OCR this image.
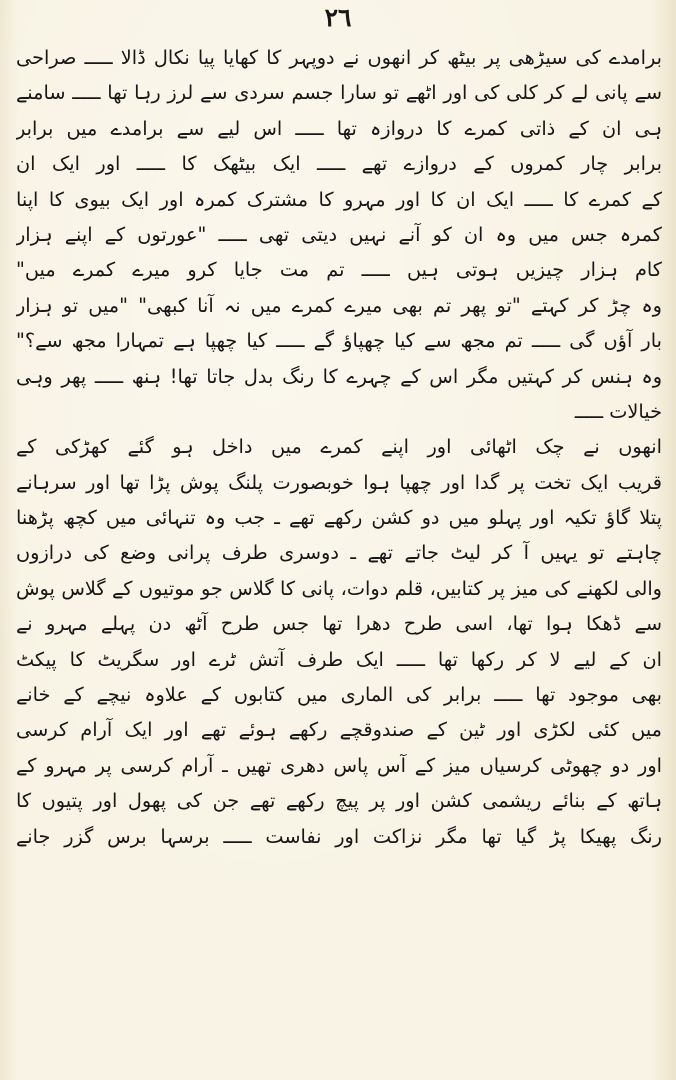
٢٦
برامدے کی سیڑھی پر بیٹھ کر انھوں نے دوپہر کا کھایا پیا نکال ڈالا ـــــ صراحی
سے پانی لے کر کلی کی اور اٹھے تو سارا جسم سردی سے لرز رہا تھا ـــــ سامنے
ہی ان کے ذاتی کمرے کا دروازہ تھا ـــــ اس لیے سے برامدے میں برابر
برابر چار کمروں کے دروازے تھے ـــــ ایک بیٹھک کا ـــــ اور ایک ان
کے کمرے کا ـــــ ایک ان کا اور مہرو کا مشترک کمرہ اور ایک بیوی کا اپنا
کمرہ جس میں وہ ان کو آنے نہیں دیتی تھی ـــــ "عورتوں کے اپنے ہزار
کام ہزار چیزیں ہوتی ہیں ـــــ تم مت جایا کرو میرے کمرے میں"
وہ چڑ کر کہتے "تو پھر تم بھی میرے کمرے میں نہ آنا کبھی" "میں تو ہزار
بار آؤں گی ـــــ تم مجھ سے کیا چھپاؤ گے ـــــ کیا چھپا ہے تمہارا مجھ سے؟"
وہ ہنس کر کہتیں مگر اس کے چہرے کا رنگ بدل جاتا تھا! ہنھ ـــــ پھر وہی
خیالات ـــــ
انھوں نے چک اٹھائی اور اپنے کمرے میں داخل ہو گئے کھڑکی کے
قریب ایک تخت پر گدا اور چھپا ہوا خوبصورت پلنگ پوش پڑا تھا اور سرہانے
پتلا گاؤ تکیہ اور پہلو میں دو کشن رکھے تھے ـ جب وہ تنہائی میں کچھ پڑھنا
چاہتے تو یہیں آ کر لیٹ جاتے تھے ـ دوسری طرف پرانی وضع کی درازوں
والی لکھنے کی میز پر کتابیں، قلم دوات، پانی کا گلاس جو موتیوں کے گلاس پوش
سے ڈھکا ہوا تھا، اسی طرح دھرا تھا جس طرح آٹھ دن پہلے مہرو نے
ان کے لیے لا کر رکھا تھا ـــــ ایک طرف آتش ٹرے اور سگریٹ کا پیکٹ
بھی موجود تھا ـــــ برابر کی الماری میں کتابوں کے علاوہ نیچے کے خانے
میں کئی لکڑی اور ٹین کے صندوقچے رکھے ہوئے تھے اور ایک آرام کرسی
اور دو چھوٹی کرسیاں میز کے آس پاس دھری تھیں ـ آرام کرسی پر مہرو کے
ہاتھ کے بنائے ریشمی کشن اور پر پیچ رکھے تھے جن کی پھول اور پتیوں کا
رنگ پھیکا پڑ گیا تھا مگر نزاکت اور نفاست ـــــ برسہا برس گزر جانے
